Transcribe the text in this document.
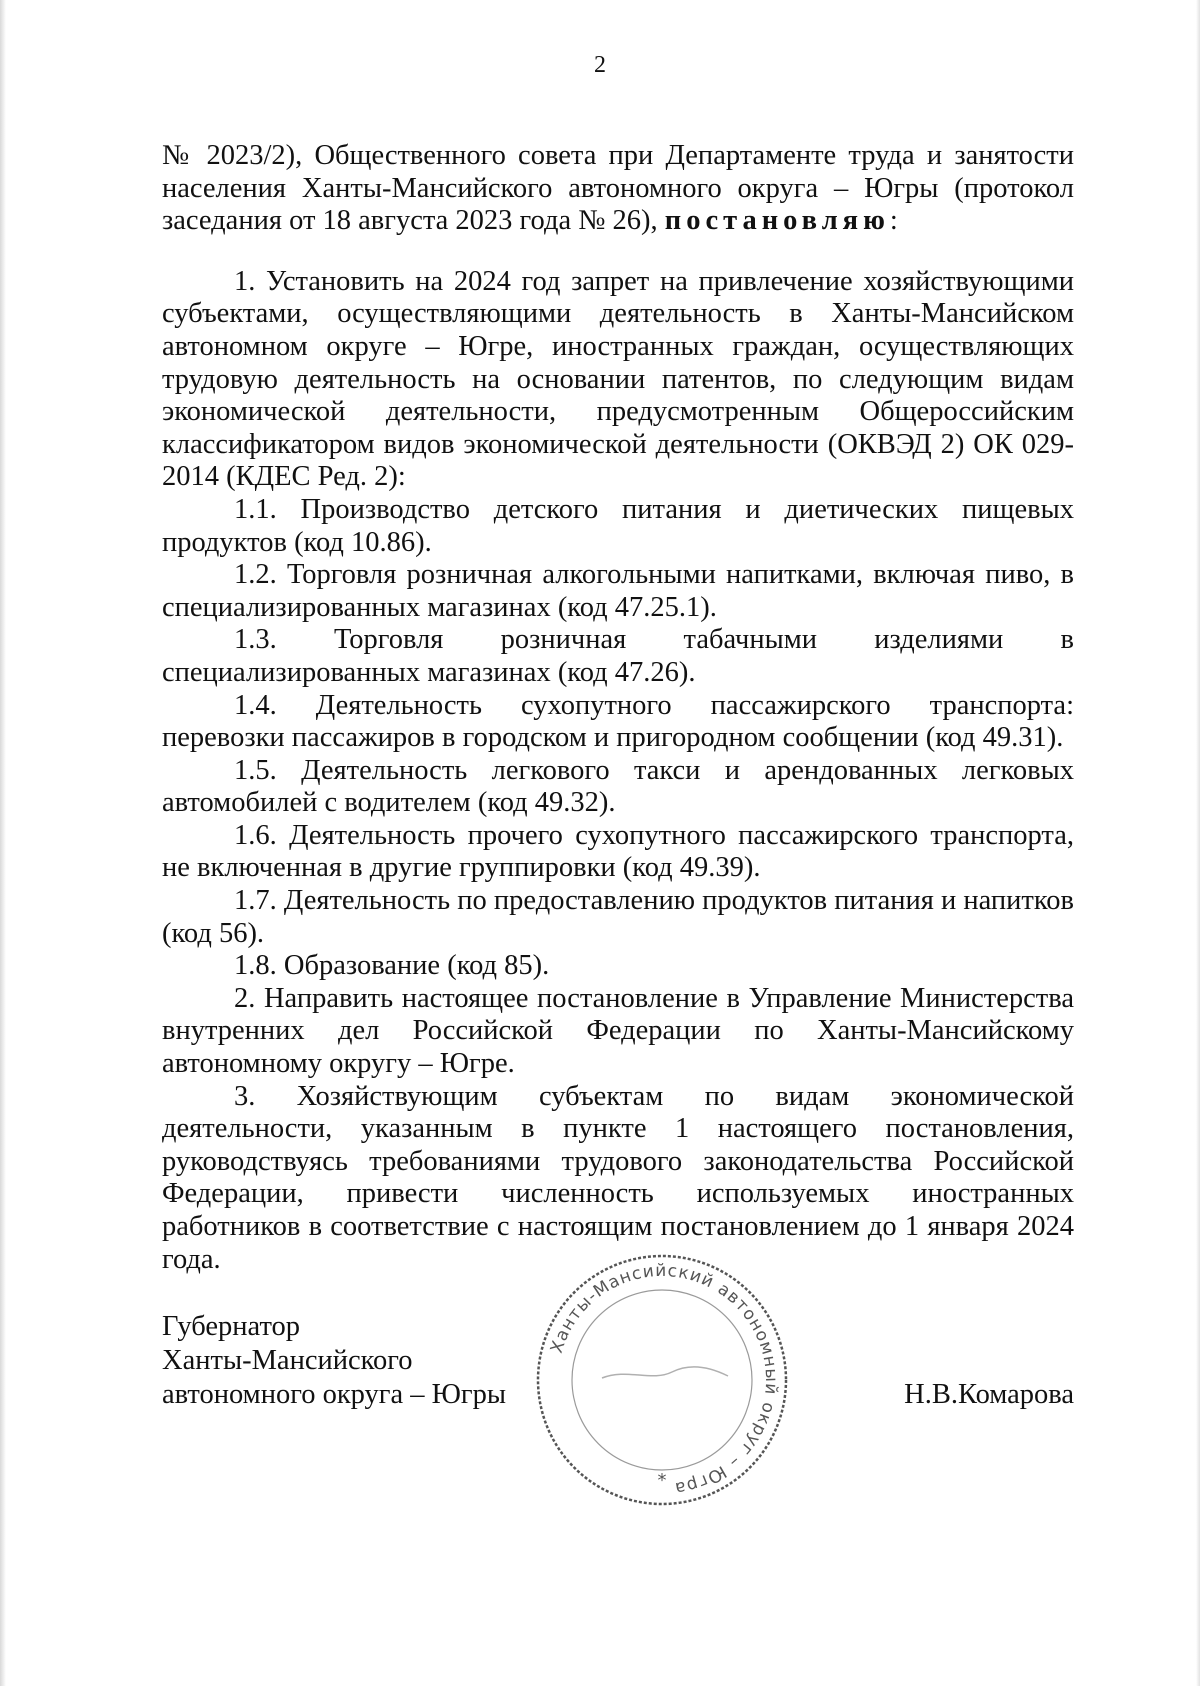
2

№ 2023/2), Общественного совета при Департаменте труда и занятости населения Ханты-Мансийского автономного округа – Югры (протокол заседания от 18 августа 2023 года № 26), постановляю:

1. Установить на 2024 год запрет на привлечение хозяйствующими субъектами, осуществляющими деятельность в Ханты-Мансийском автономном округе – Югре, иностранных граждан, осуществляющих трудовую деятельность на основании патентов, по следующим видам экономической деятельности, предусмотренным Общероссийским классификатором видов экономической деятельности (ОКВЭД 2) ОК 029-2014 (КДЕС Ред. 2):

1.1. Производство детского питания и диетических пищевых продуктов (код 10.86).

1.2. Торговля розничная алкогольными напитками, включая пиво, в специализированных магазинах (код 47.25.1).

1.3. Торговля розничная табачными изделиями в специализированных магазинах (код 47.26).

1.4. Деятельность сухопутного пассажирского транспорта: перевозки пассажиров в городском и пригородном сообщении (код 49.31).

1.5. Деятельность легкового такси и арендованных легковых автомобилей с водителем (код 49.32).

1.6. Деятельность прочего сухопутного пассажирского транспорта, не включенная в другие группировки (код 49.39).

1.7. Деятельность по предоставлению продуктов питания и напитков (код 56).

1.8. Образование (код 85).

2. Направить настоящее постановление в Управление Министерства внутренних дел Российской Федерации по Ханты-Мансийскому автономному округу – Югре.

3. Хозяйствующим субъектам по видам экономической деятельности, указанным в пункте 1 настоящего постановления, руководствуясь требованиями трудового законодательства Российской Федерации, привести численность используемых иностранных работников в соответствие с настоящим постановлением до 1 января 2024 года.

Губернатор
Ханты-Мансийского
автономного округа – Югры
Ханты-Мансийский автономный округ – Югра
*
Н.В.Комарова
